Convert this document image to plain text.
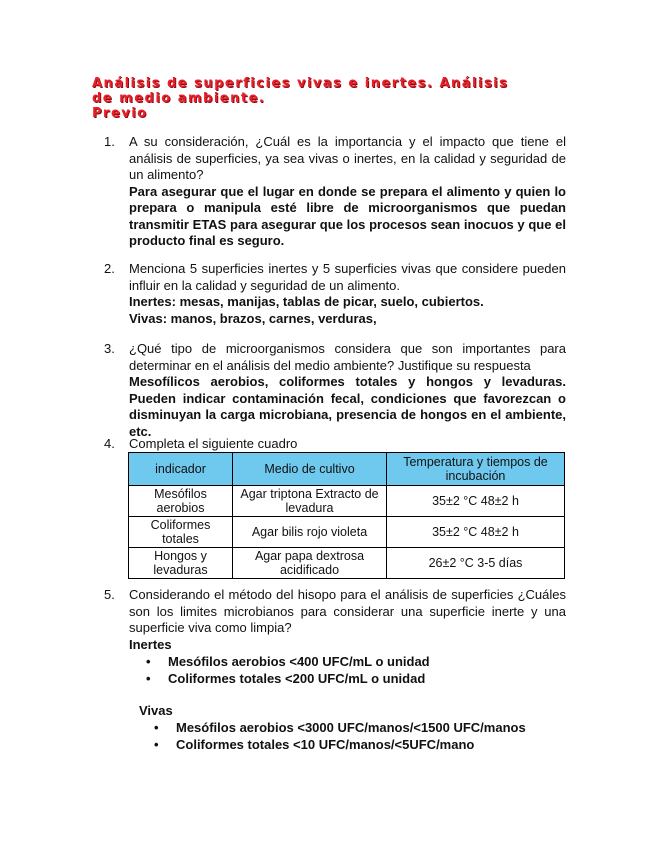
Análisis de superficies vivas e inertes. Análisis
de medio ambiente.
Previo
1.	A su consideración, ¿Cuál es la importancia y el impacto que tiene el análisis de superficies, ya sea vivas o inertes, en la calidad y seguridad de un alimento?

Para asegurar que el lugar en donde se prepara el alimento y quien lo prepara o manipula esté libre de microorganismos que puedan transmitir ETAS para asegurar que los procesos sean inocuos y que el producto final es seguro.

2.	Menciona 5 superficies inertes y 5 superficies vivas que considere pueden influir en la calidad y seguridad de un alimento.

Inertes: mesas, manijas, tablas de picar, suelo, cubiertos.

Vivas: manos, brazos, carnes, verduras,

3.	¿Qué tipo de microorganismos considera que son importantes para determinar en el análisis del medio ambiente? Justifique su respuesta

Mesofílicos aerobios, coliformes totales y hongos y levaduras. Pueden indicar contaminación fecal, condiciones que favorezcan o disminuyan la carga microbiana, presencia de hongos en el ambiente, etc.

4.	Completa el siguiente cuadro

indicador	Medio de cultivo	Temperatura y tiempos de incubación
Mesófilos aerobios	Agar triptona Extracto de levadura	35±2 °C 48±2 h
Coliformes totales	Agar bilis rojo violeta	35±2 °C 48±2 h
Hongos y levaduras	Agar papa dextrosa acidificado	26±2 °C 3-5 días
5.	Considerando el método del hisopo para el análisis de superficies ¿Cuáles son los limites microbianos para considerar una superficie inerte y una superficie viva como limpia?

Inertes
• Mesófilos aerobios <400 UFC/mL o unidad
• Coliformes totales <200 UFC/mL o unidad
Vivas
• Mesófilos aerobios <3000 UFC/manos/<1500 UFC/manos
• Coliformes totales <10 UFC/manos/<5UFC/mano
